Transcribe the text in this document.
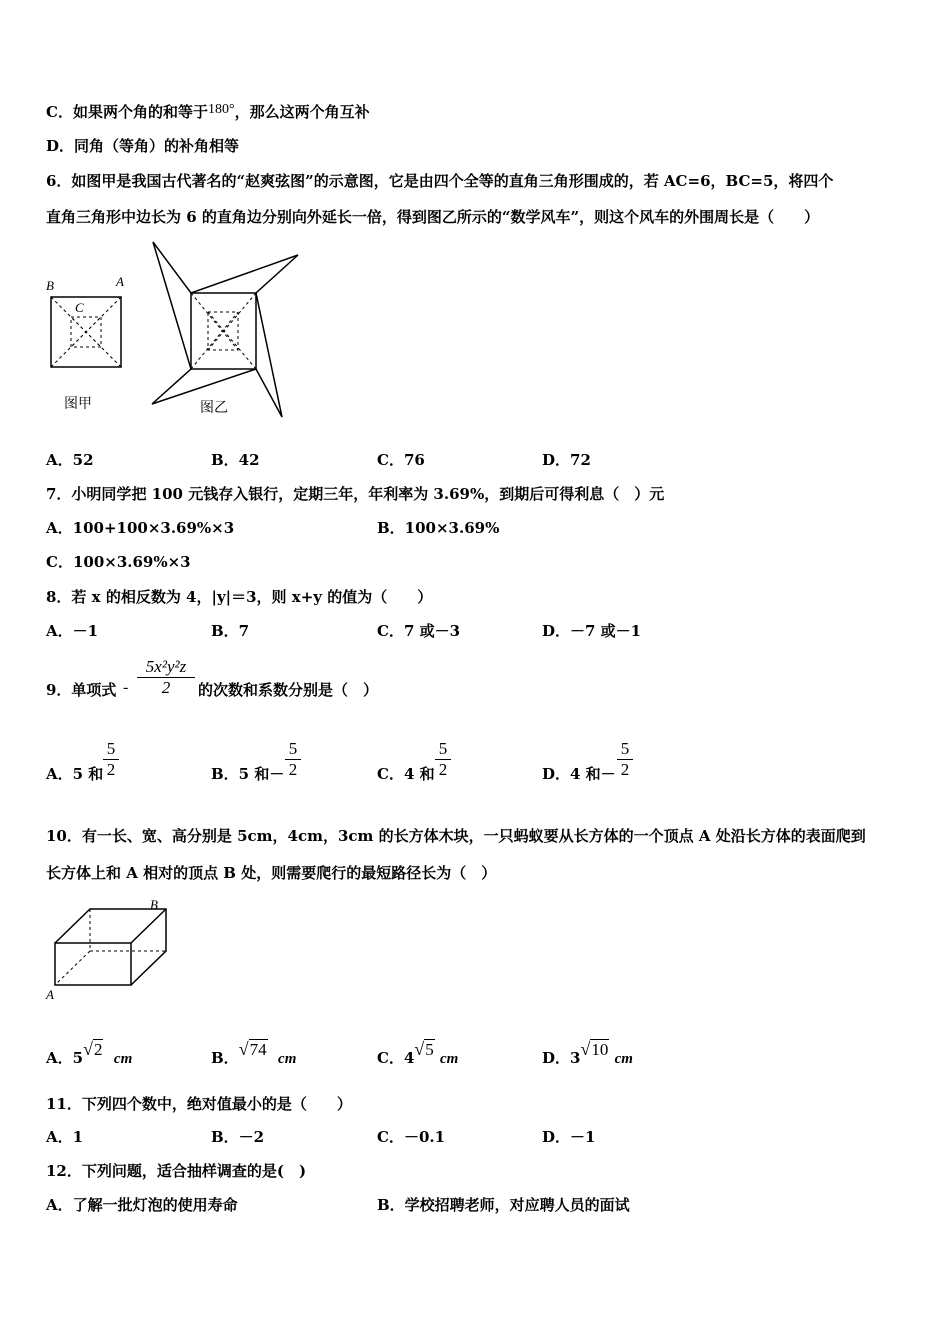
C．如果两个角的和等于180°，那么这两个角互补
D．同角（等角）的补角相等
6．如图甲是我国古代著名的“赵爽弦图”的示意图，它是由四个全等的直角三角形围成的，若 AC=6，BC=5，将四个
直角三角形中边长为 6 的直角边分别向外延长一倍，得到图乙所示的“数学风车”，则这个风车的外围周长是（　　）
B	A
C
图甲	图乙
A．52	B．42	C．76	D．72
7．小明同学把 100 元钱存入银行，定期三年，年利率为 3.69%，到期后可得利息（　）元
A．100+100×3.69%×3	B．100×3.69%
C．100×3.69%×3
8．若 x 的相反数为 4，|y|＝3，则 x+y 的值为（　　）
A．－1	B．7	C．7 或－3	D．－7 或－1
9．单项式 - $\frac{\text{5x²y²z}}{2}$ 的次数和系数分别是（　）
A．5 和 $\frac{5}{2}$	B．5 和－ $\frac{5}{2}$	C．4 和 $\frac{5}{2}$	D．4 和－ $\frac{5}{2}$
10．有一长、宽、高分别是 5cm，4cm，3cm 的长方体木块，一只蚂蚁要从长方体的一个顶点 A 处沿长方体的表面爬到
长方体上和 A 相对的顶点 B 处，则需要爬行的最短路径长为（　）
A
B
A．5√2 cm	B．√74 cm	C．4√5 cm	D．3√10 cm
11．下列四个数中，绝对值最小的是（　　）
A．1	B．－2	C．－0.1	D．－1
12．下列问题，适合抽样调查的是(　)
A．了解一批灯泡的使用寿命	B．学校招聘老师，对应聘人员的面试
